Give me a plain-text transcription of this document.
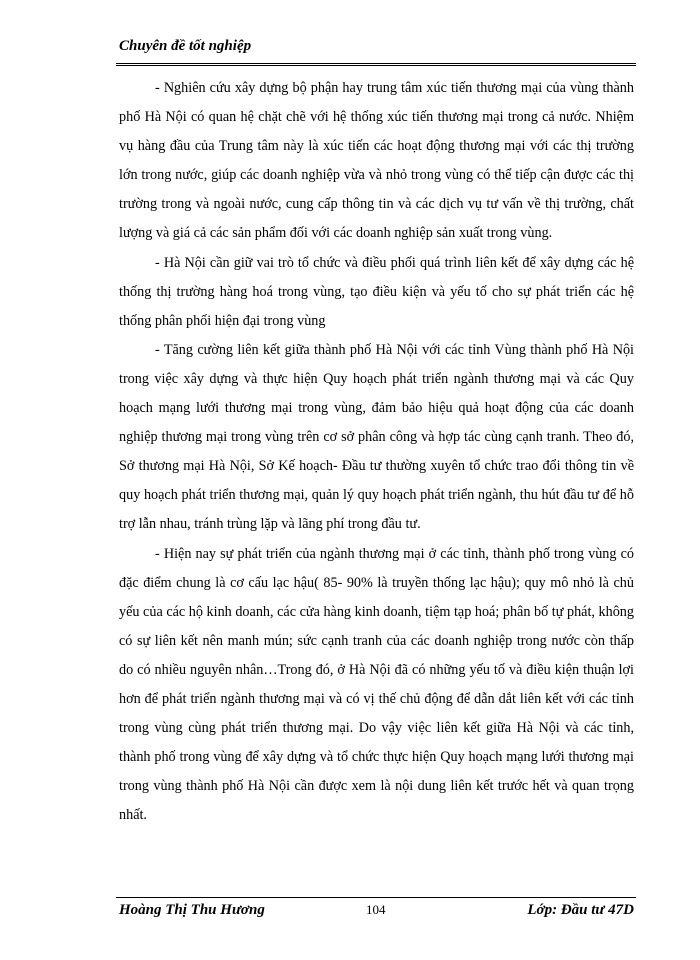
Chuyên đề tốt nghiệp

- Nghiên cứu xây dựng bộ phận hay trung tâm xúc tiến thương mại của vùng thành phố Hà Nội có quan hệ chặt chẽ với hệ thống xúc tiến thương mại trong cả nước. Nhiệm vụ hàng đầu của Trung tâm này là xúc tiến các hoạt động thương mại với các thị trường lớn trong nước, giúp các doanh nghiệp vừa và nhỏ trong vùng có thể tiếp cận được các thị trường trong và ngoài nước, cung cấp thông tin và các dịch vụ tư vấn về thị trường, chất lượng và giá cả các sản phẩm đối với các doanh nghiệp sản xuất trong vùng.

- Hà Nội cần giữ vai trò tổ chức và điều phối quá trình liên kết để xây dựng các hệ thống thị trường hàng hoá trong vùng, tạo điều kiện và yếu tố cho sự phát triển các hệ thống phân phối hiện đại trong vùng

- Tăng cường liên kết giữa thành phố Hà Nội với các tỉnh Vùng thành phố Hà Nội trong việc xây dựng và thực hiện Quy hoạch phát triển ngành thương mại và các Quy hoạch mạng lưới thương mại trong vùng, đảm bảo hiệu quả hoạt động của các doanh nghiệp thương mại trong vùng trên cơ sở phân công và hợp tác cùng cạnh tranh. Theo đó, Sở thương mại Hà Nội, Sở Kế hoạch- Đầu tư thường xuyên tổ chức trao đổi thông tin về quy hoạch phát triển thương mại, quản lý quy hoạch phát triển ngành, thu hút đầu tư để hỗ trợ lẫn nhau, tránh trùng lặp và lãng phí trong đầu tư.

- Hiện nay sự phát triển của ngành thương mại ở các tỉnh, thành phố trong vùng có đặc điểm chung là cơ cấu lạc hậu( 85- 90% là truyền thống lạc hậu); quy mô nhỏ là chủ yếu của các hộ kinh doanh, các cửa hàng kinh doanh, tiệm tạp hoá; phân bố tự phát, không có sự liên kết nên manh mún; sức cạnh tranh của các doanh nghiệp trong nước còn thấp do có nhiều nguyên nhân…Trong đó, ở Hà Nội đã có những yếu tố và điều kiện thuận lợi hơn để phát triển ngành thương mại và có vị thế chủ động để dẫn dắt liên kết với các tỉnh trong vùng cùng phát triển thương mại. Do vậy việc liên kết giữa Hà Nội và các tỉnh, thành phố trong vùng để xây dựng và tổ chức thực hiện Quy hoạch mạng lưới thương mại trong vùng thành phố Hà Nội cần được xem là nội dung liên kết trước hết và quan trọng nhất.

Hoàng Thị Thu Hương	104	Lớp: Đầu tư 47D
